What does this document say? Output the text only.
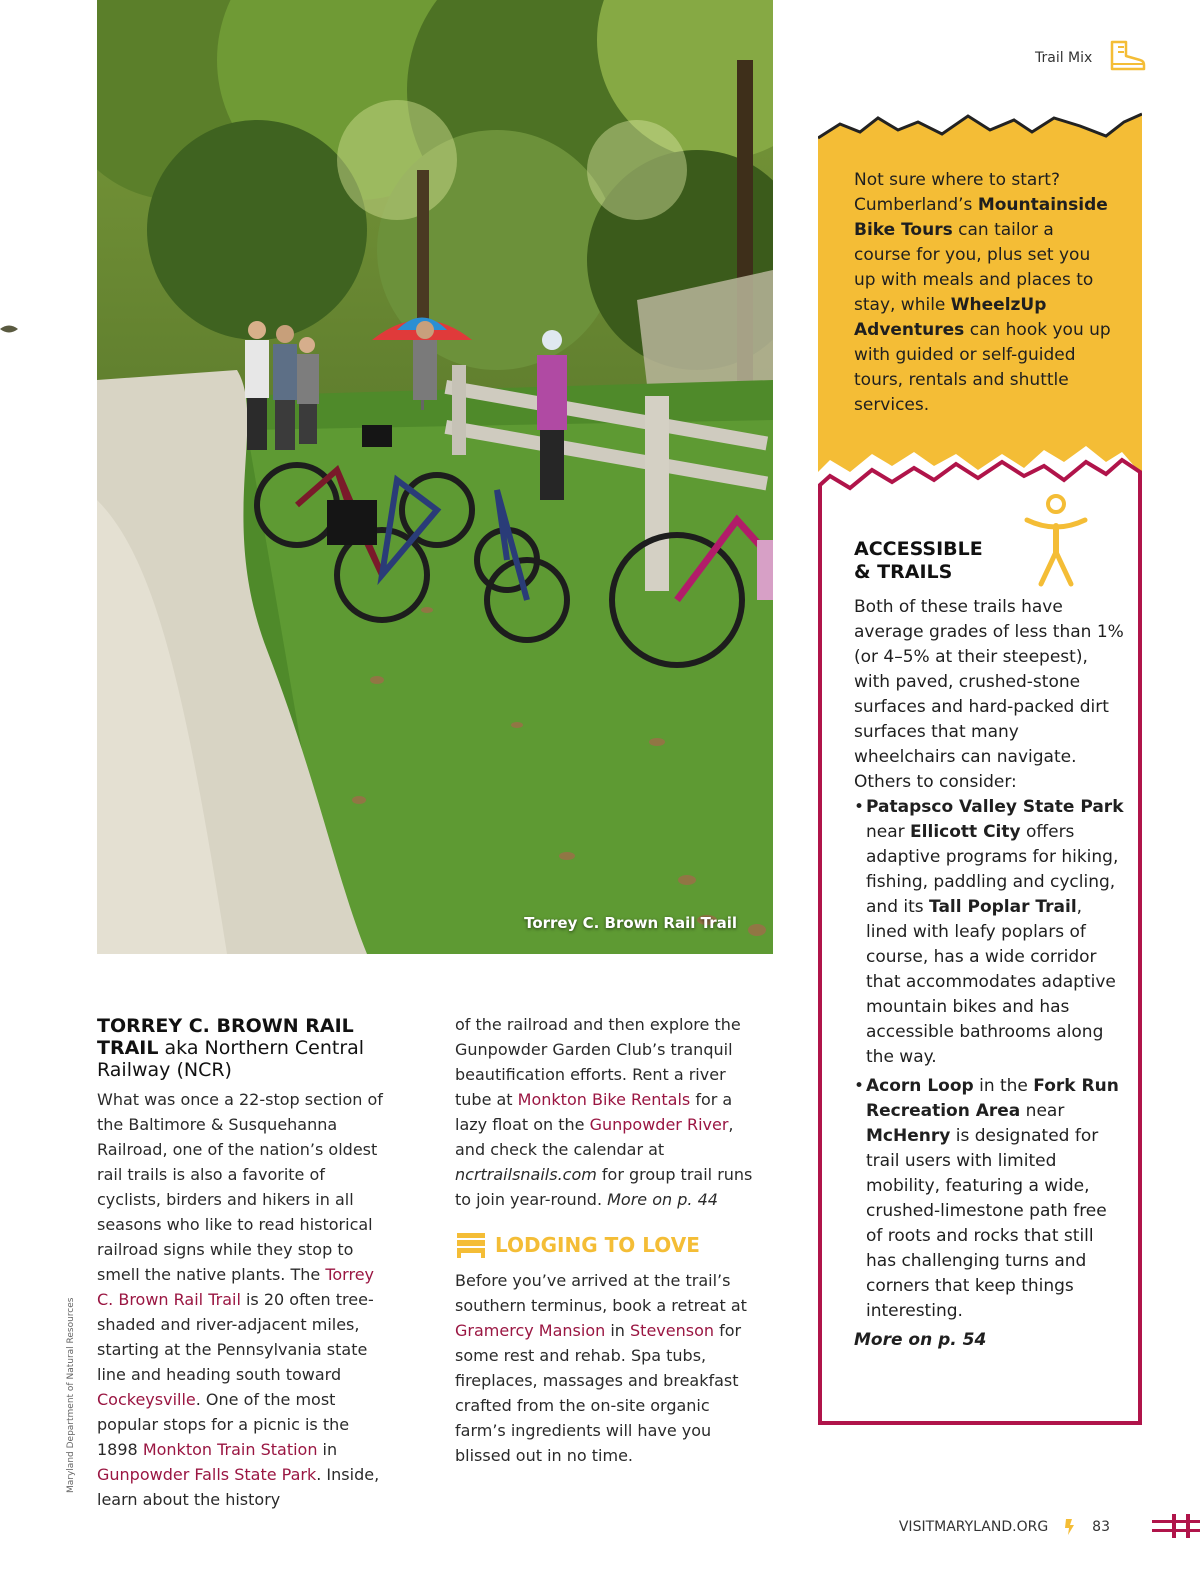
Torrey C. Brown Rail Trail
Trail Mix
Not sure where to start? Cumberland’s Mountainside Bike Tours can tailor a course for you, plus set you up with meals and places to stay, while WheelzUp Adventures can hook you up with guided or self-guided tours, rentals and shuttle services.
ACCESSIBLE
& TRAILS
Both of these trails have average grades of less than 1% (or 4–5% at their steepest), with paved, crushed-stone surfaces and hard-packed dirt surfaces that many wheelchairs can navigate. Others to consider:
• Patapsco Valley State Park near Ellicott City offers adaptive programs for hiking, fishing, paddling and cycling, and its Tall Poplar Trail, lined with leafy poplars of course, has a wide corridor that accommodates adaptive mountain bikes and has accessible bathrooms along the way.
• Acorn Loop in the Fork Run Recreation Area near McHenry is designated for trail users with limited mobility, featuring a wide, crushed-limestone path free of roots and rocks that still has challenging turns and corners that keep things interesting.
More on p. 54
TORREY C. BROWN RAIL TRAIL aka Northern Central Railway (NCR)
What was once a 22-stop section of the Baltimore & Susquehanna Railroad, one of the nation’s oldest rail trails is also a favorite of cyclists, birders and hikers in all seasons who like to read historical railroad signs while they stop to smell the native plants. The Torrey C. Brown Rail Trail is 20 often tree-shaded and river-adjacent miles, starting at the Pennsylvania state line and heading south toward Cockeysville. One of the most popular stops for a picnic is the 1898 Monkton Train Station in Gunpowder Falls State Park. Inside, learn about the history
of the railroad and then explore the Gunpowder Garden Club’s tranquil beautification efforts. Rent a river tube at Monkton Bike Rentals for a lazy float on the Gunpowder River, and check the calendar at ncrtrailsnails.com for group trail runs to join year-round. More on p. 44
LODGING TO LOVE
Before you’ve arrived at the trail’s southern terminus, book a retreat at Gramercy Mansion in Stevenson for some rest and rehab. Spa tubs, fireplaces, massages and breakfast crafted from the on-site organic farm’s ingredients will have you blissed out in no time.
Maryland Department of Natural Resources
VISITMARYLAND.ORG	83
